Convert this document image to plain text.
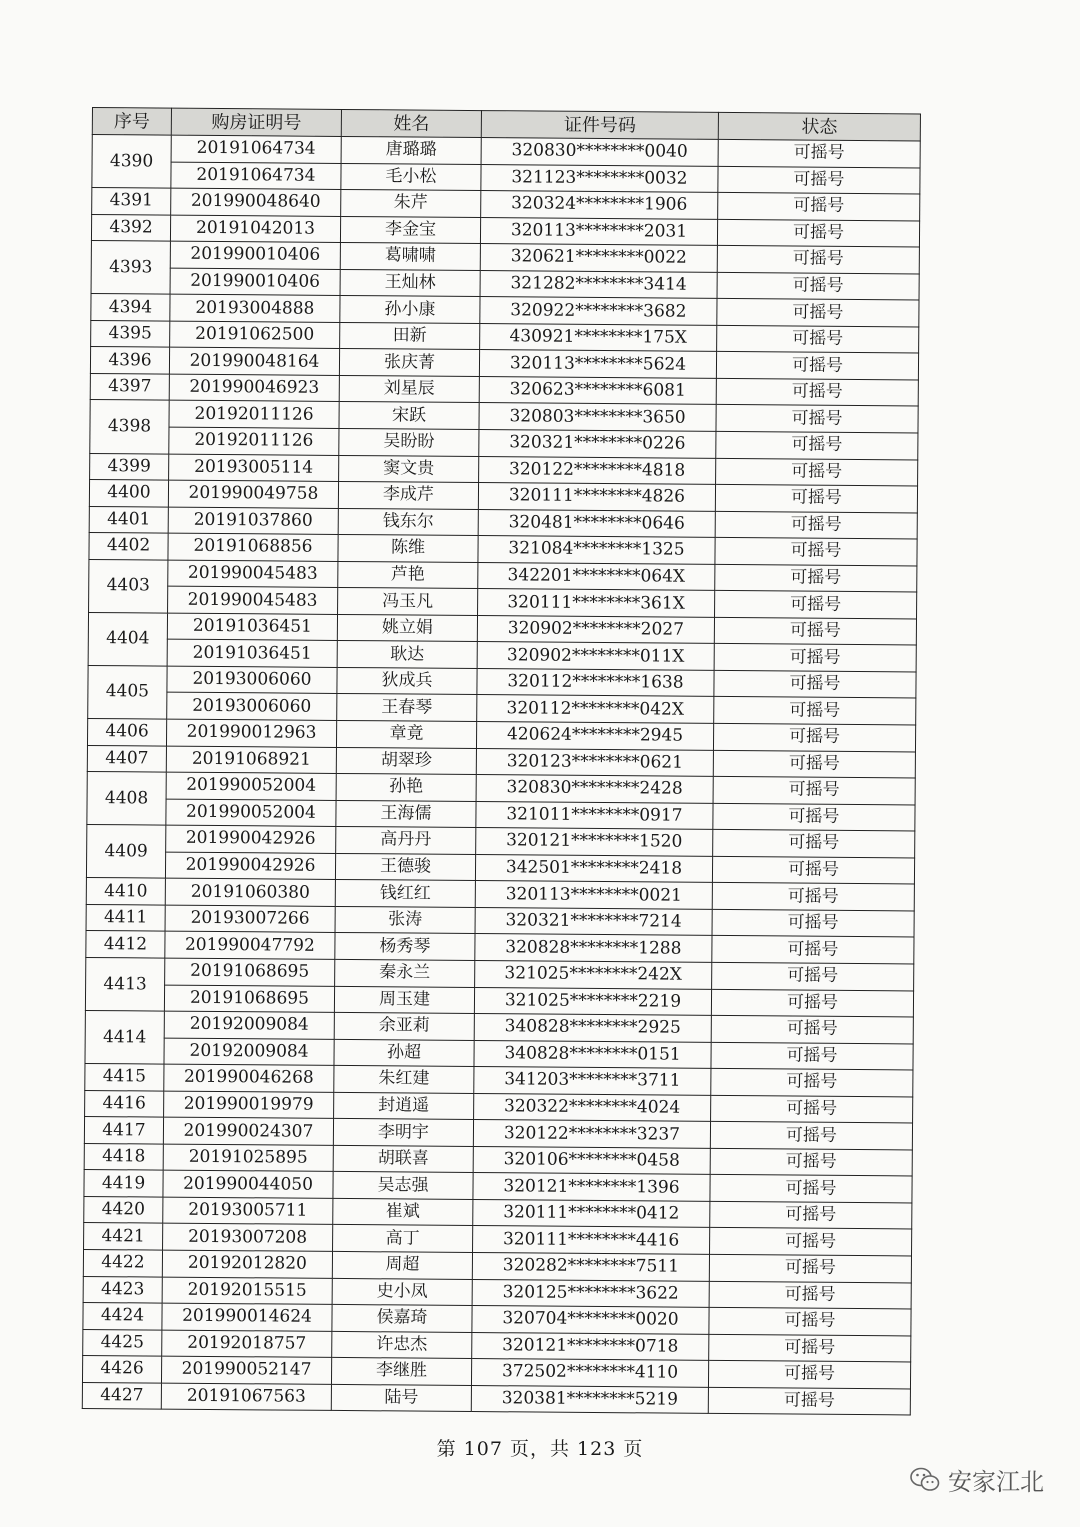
序号	购房证明号	姓名	证件号码	状态
4390	20191064734	唐璐璐	320830********0040	可摇号
	20191064734	毛小松	321123********0032	可摇号
4391	201990048640	朱芹	320324********1906	可摇号
4392	20191042013	李金宝	320113********2031	可摇号
4393	201990010406	葛啸啸	320621********0022	可摇号
	201990010406	王灿林	321282********3414	可摇号
4394	20193004888	孙小康	320922********3682	可摇号
4395	20191062500	田新	430921********175X	可摇号
4396	201990048164	张庆菁	320113********5624	可摇号
4397	201990046923	刘星辰	320623********6081	可摇号
4398	20192011126	宋跃	320803********3650	可摇号
	20192011126	吴盼盼	320321********0226	可摇号
4399	20193005114	窦文贵	320122********4818	可摇号
4400	201990049758	李成芹	320111********4826	可摇号
4401	20191037860	钱东尔	320481********0646	可摇号
4402	20191068856	陈维	321084********1325	可摇号
4403	201990045483	芦艳	342201********064X	可摇号
	201990045483	冯玉凡	320111********361X	可摇号
4404	20191036451	姚立娟	320902********2027	可摇号
	20191036451	耿达	320902********011X	可摇号
4405	20193006060	狄成兵	320112********1638	可摇号
	20193006060	王春琴	320112********042X	可摇号
4406	201990012963	章竟	420624********2945	可摇号
4407	20191068921	胡翠珍	320123********0621	可摇号
4408	201990052004	孙艳	320830********2428	可摇号
	201990052004	王海儒	321011********0917	可摇号
4409	201990042926	高丹丹	320121********1520	可摇号
	201990042926	王德骏	342501********2418	可摇号
4410	20191060380	钱红红	320113********0021	可摇号
4411	20193007266	张涛	320321********7214	可摇号
4412	201990047792	杨秀琴	320828********1288	可摇号
4413	20191068695	秦永兰	321025********242X	可摇号
	20191068695	周玉建	321025********2219	可摇号
4414	20192009084	余亚莉	340828********2925	可摇号
	20192009084	孙超	340828********0151	可摇号
4415	201990046268	朱红建	341203********3711	可摇号
4416	201990019979	封逍遥	320322********4024	可摇号
4417	201990024307	李明宇	320122********3237	可摇号
4418	20191025895	胡联喜	320106********0458	可摇号
4419	201990044050	吴志强	320121********1396	可摇号
4420	20193005711	崔斌	320111********0412	可摇号
4421	20193007208	高丁	320111********4416	可摇号
4422	20192012820	周超	320282********7511	可摇号
4423	20192015515	史小凤	320125********3622	可摇号
4424	201990014624	侯嘉琦	320704********0020	可摇号
4425	20192018757	许忠杰	320121********0718	可摇号
4426	201990052147	李继胜	372502********4110	可摇号
4427	20191067563	陆号	320381********5219	可摇号
第 107 页，共 123 页
安家江北
